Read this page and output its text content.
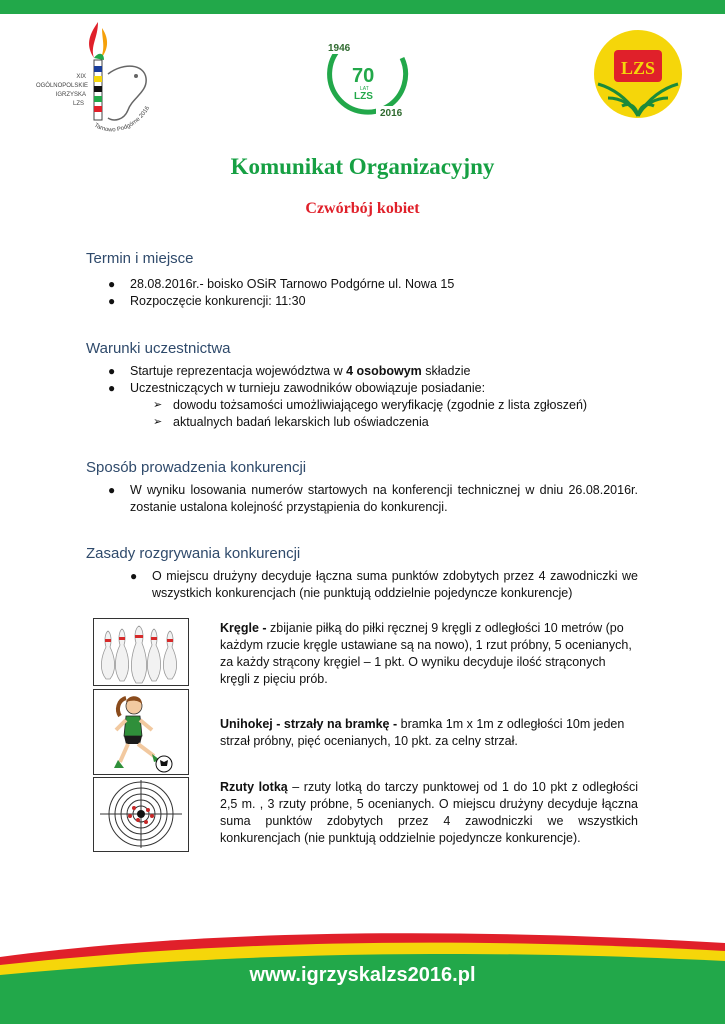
XIX
OGÓLNOPOLSKIE
IGRZYSKA
LZS
Tarnowo Podgórne 2016
1946
70
LAT
LZS
2016
LZS
Komunikat Organizacyjny
Czwórbój kobiet
Termin i miejsce
● 28.08.2016r.- boisko OSiR Tarnowo Podgórne ul. Nowa 15
● Rozpoczęcie konkurencji: 11:30
Warunki uczestnictwa
● Startuje reprezentacja województwa w 4 osobowym składzie
● Uczestniczących w turnieju zawodników obowiązuje posiadanie:
➢ dowodu tożsamości umożliwiającego weryfikację (zgodnie z lista zgłoszeń)
➢ aktualnych badań lekarskich lub oświadczenia
Sposób prowadzenia konkurencji
● W wyniku losowania numerów startowych na konferencji technicznej w dniu 26.08.2016r. zostanie ustalona kolejność przystąpienia do konkurencji.
Zasady rozgrywania konkurencji
● O miejscu drużyny decyduje łączna suma punktów zdobytych przez 4 zawodniczki we wszystkich konkurencjach (nie punktują oddzielnie pojedyncze konkurencje)
Kręgle - zbijanie piłką do piłki ręcznej 9 kręgli z odległości 10 metrów (po każdym rzucie kręgle ustawiane są na nowo), 1 rzut próbny, 5 ocenianych, za każdy strącony kręgiel – 1 pkt. O wyniku decyduje ilość strąconych kręgli z pięciu prób.
Unihokej - strzały na bramkę - bramka 1m x 1m z odległości 10m jeden strzał próbny, pięć ocenianych, 10 pkt. za celny strzał.
Rzuty lotką – rzuty lotką do tarczy punktowej od 1 do 10 pkt z odległości 2,5 m. , 3 rzuty próbne, 5 ocenianych. O miejscu drużyny decyduje łączna suma punktów zdobytych przez 4 zawodniczki we wszystkich konkurencjach (nie punktują oddzielnie pojedyncze konkurencje).
www.igrzyskalzs2016.pl
